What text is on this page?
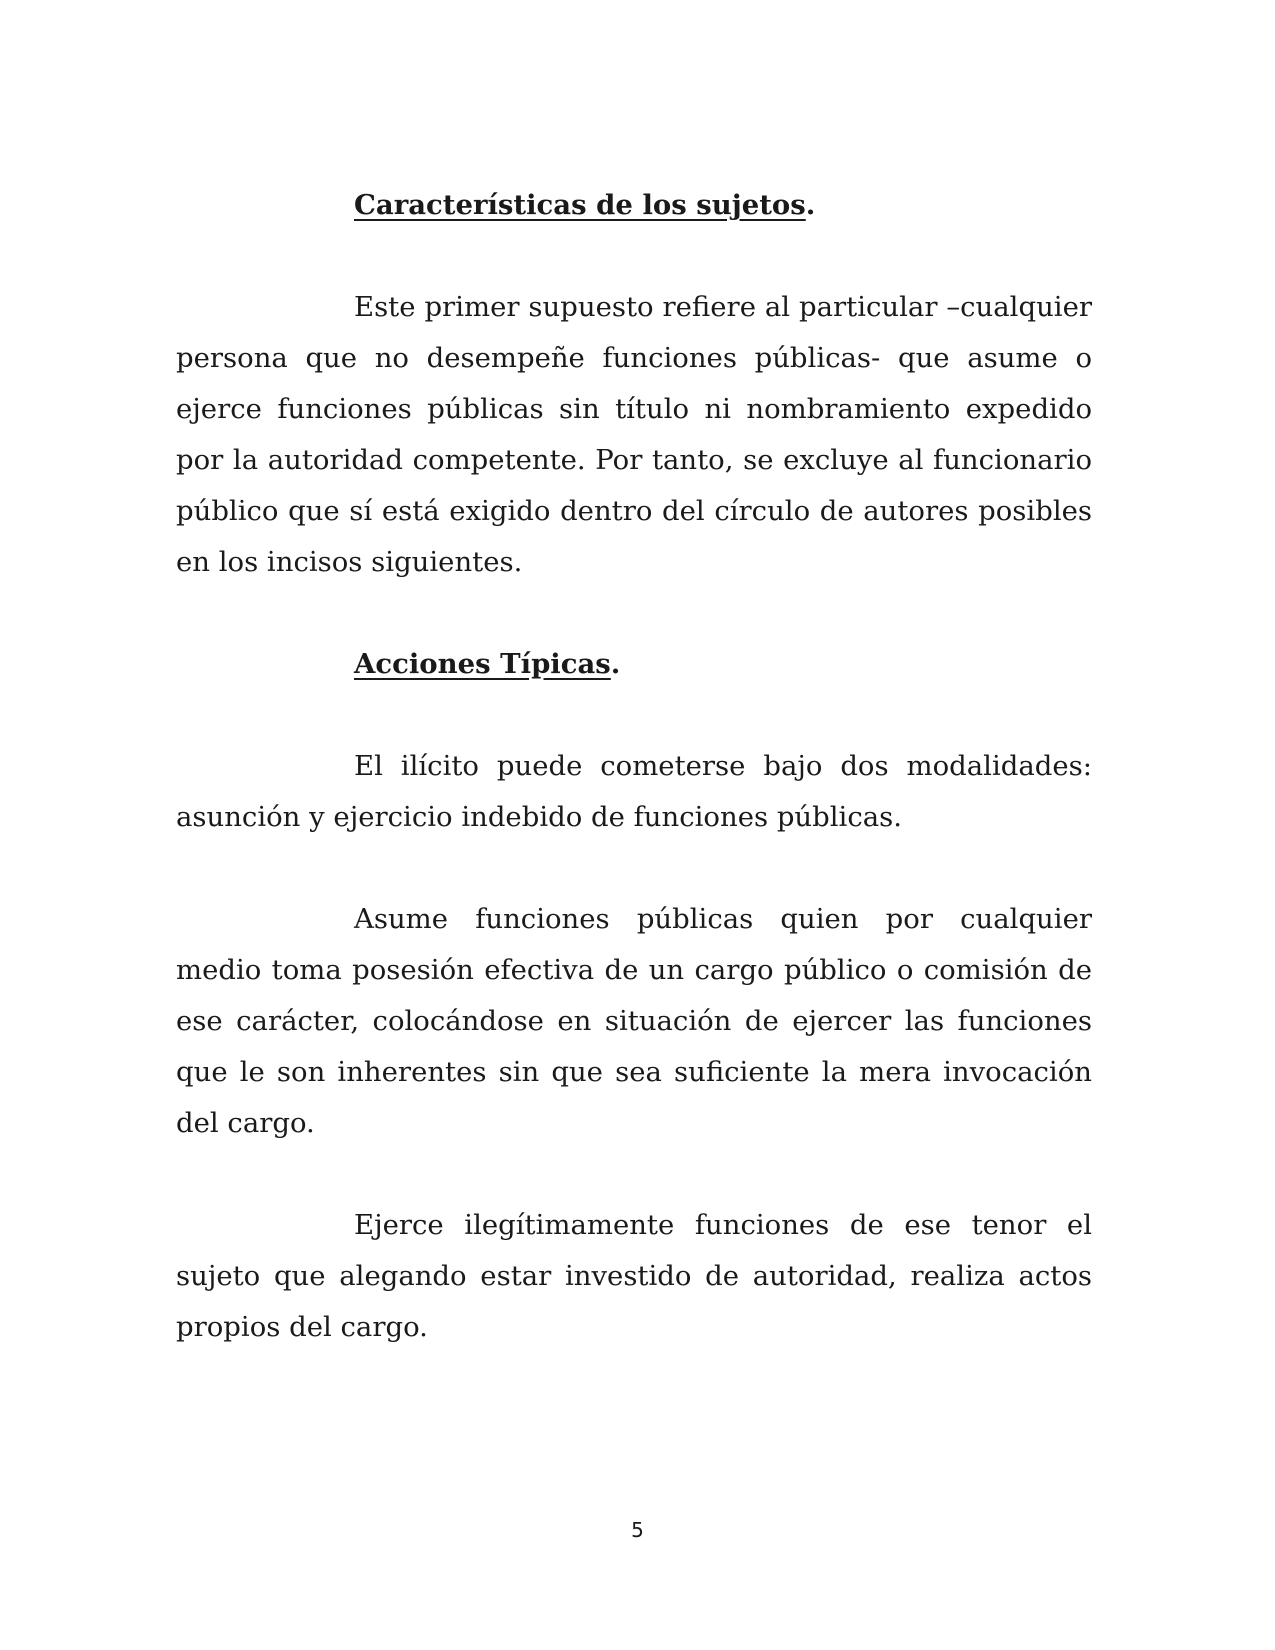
Características de los sujetos.

Este primer supuesto refiere al particular –cualquier persona que no desempeñe funciones públicas- que asume o ejerce funciones públicas sin título ni nombramiento expedido por la autoridad competente. Por tanto, se excluye al funcionario público que sí está exigido dentro del círculo de autores posibles en los incisos siguientes.

Acciones Típicas.

El ilícito puede cometerse bajo dos modalidades: asunción y ejercicio indebido de funciones públicas.

Asume funciones públicas quien por cualquier medio toma posesión efectiva de un cargo público o comisión de ese carácter, colocándose en situación de ejercer las funciones que le son inherentes sin que sea suficiente la mera invocación del cargo.

Ejerce ilegítimamente funciones de ese tenor el sujeto que alegando estar investido de autoridad, realiza actos propios del cargo.

5
